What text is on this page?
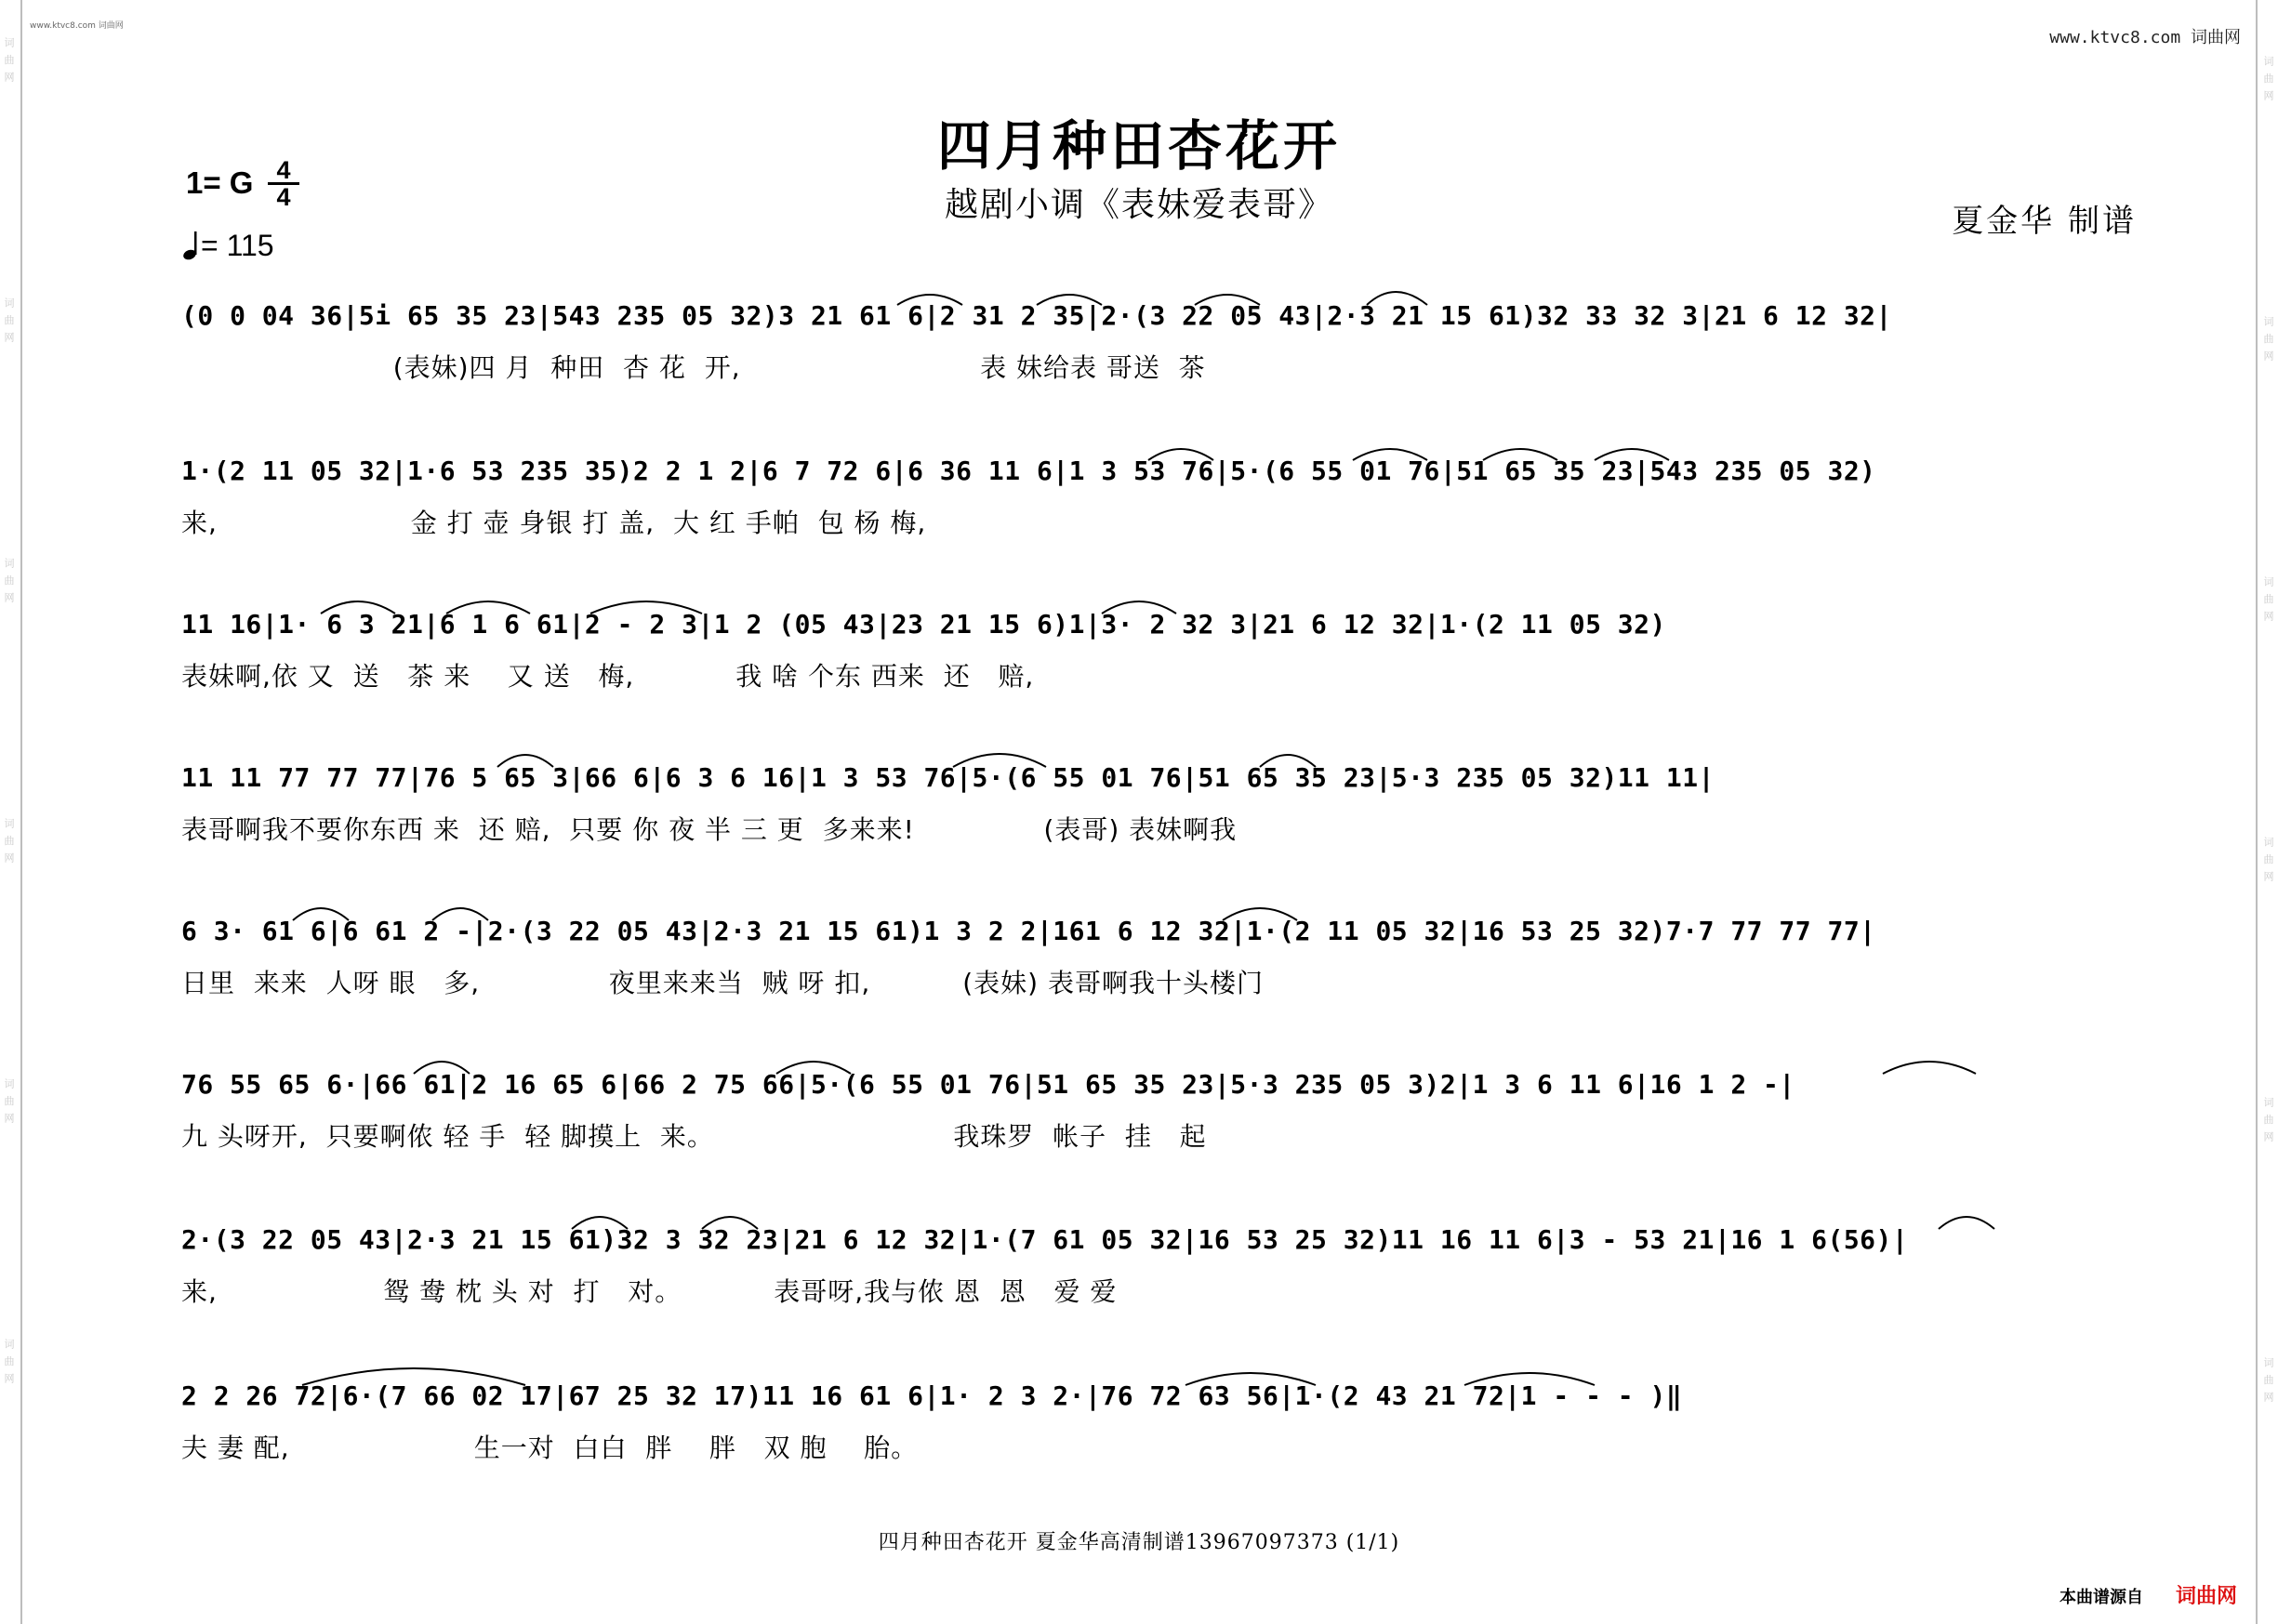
词 曲 网
词 曲 网
词 曲 网
词 曲 网
词 曲 网
词 曲 网
词 曲 网
词 曲 网
词 曲 网
词 曲 网
词 曲 网
词 曲 网
www.ktvc8.com 词曲网
www.ktvc8.com 词曲网
四月种田杏花开
越剧小调《表妹爱表哥》
1= G $\frac{4}{4}$
= 115
夏金华 制谱
(0 0 04 36|5i 65 35 23|543 235 05 32)3 21 61 6|2 31 2 35|2·(3 22 05 43|2·3 21 15 61)32 33 32 3|21 6 12 32|
(表妹)四 月  种田  杏 花  开,                          表 妹给表 哥送  茶
1·(2 11 05 32|1·6 53 235 35)2 2 1 2|6 7 72 6|6 36 11 6|1 3 53 76|5·(6 55 01 76|51 65 35 23|543 235 05 32)
来,                     金 打 壶 身银 打 盖,  大 红 手帕  包 杨 梅,
11 16|1· 6 3 21|6 1 6 61|2 - 2 3|1 2 (05 43|23 21 15 6)1|3· 2 32 3|21 6 12 32|1·(2 11 05 32)
表妹啊,依 又  送   茶 来    又 送   梅,           我 啥 个东 西来  还   赔,
11 11 77 77 77|76 5 65 3|66 6|6 3 6 16|1 3 53 76|5·(6 55 01 76|51 65 35 23|5·3 235 05 32)11 11|
表哥啊我不要你东西 来  还 赔,  只要 你 夜 半 三 更  多来来!              (表哥) 表妹啊我
6 3· 61 6|6 61 2 -|2·(3 22 05 43|2·3 21 15 61)1 3 2 2|161 6 12 32|1·(2 11 05 32|16 53 25 32)7·7 77 77 77|
日里  来来  人呀 眼   多,              夜里来来当  贼 呀 扣,          (表妹) 表哥啊我十头楼门
76 55 65 6·|66 61|2 16 65 6|66 2 75 66|5·(6 55 01 76|51 65 35 23|5·3 235 05 3)2|1 3 6 11 6|16 1 2 -|
九 头呀开,  只要啊侬 轻 手  轻 脚摸上  来。                          我珠罗  帐子  挂   起
2·(3 22 05 43|2·3 21 15 61)32 3 32 23|21 6 12 32|1·(7 61 05 32|16 53 25 32)11 16 11 6|3 - 53 21|16 1 6(56)|
来,                  鸳 鸯 枕 头 对  打   对。          表哥呀,我与侬 恩  恩   爱 爱
2 2 26 72|6·(7 66 02 17|67 25 32 17)11 16 61 6|1· 2 3 2·|76 72 63 56|1·(2 43 21 72|1 - - - )‖
夫 妻 配,                    生一对  白白  胖    胖   双 胞    胎。
四月种田杏花开 夏金华高清制谱13967097373 (1/1)
本曲谱源自 词曲网
